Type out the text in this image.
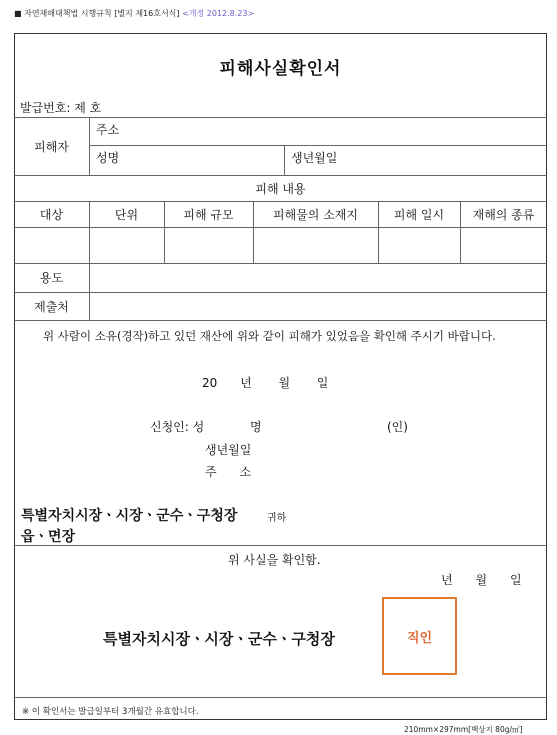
■ 자연재해대책법 시행규칙 [별지 제16호서식] <개정 2012.8.23>
피해사실확인서
발급번호: 제 호
피해자
주소
성명	생년월일
피해 내용
대상	단위	피해 규모	피해물의 소재지	피해 일시	재해의 종류
용도
제출처
위 사람이 소유(경작)하고 있던 재산에 위와 같이 피해가 있었음을 확인해 주시기 바랍니다.
20      년       월       일
신청인: 성            명	(인)
생년월일
주      소
특별자치시장ㆍ시장ㆍ군수ㆍ구청장	귀하
읍ㆍ면장
위 사실을 확인함.
년      월      일
특별자치시장ㆍ시장ㆍ군수ㆍ구청장	직인
※ 이 확인서는 발급일부터 3개월간 유효합니다.
210mm×297mm[백상지 80g/㎡]
